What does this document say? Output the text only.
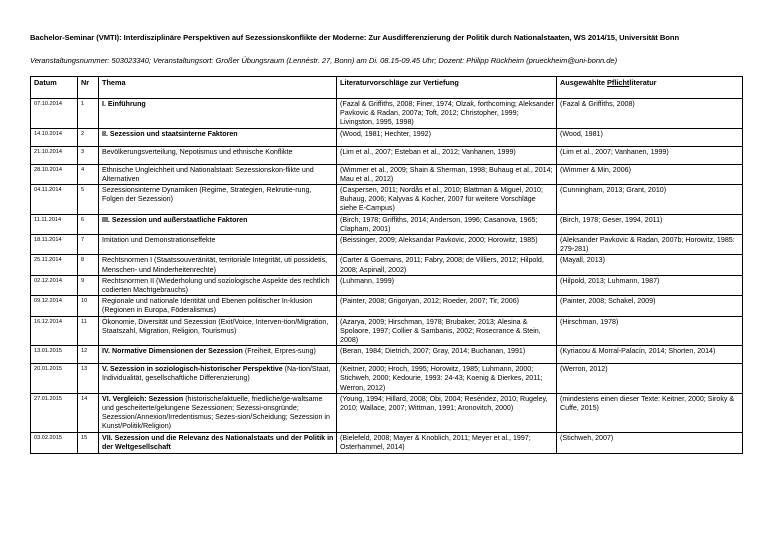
Bachelor-Seminar (VMTI): Interdisziplinäre Perspektiven auf Sezessionskonflikte der Moderne: Zur Ausdifferenzierung der Politik durch Nationalstaaten, WS 2014/15, Universität Bonn
Veranstaltungsnummer: 503023340; Veranstaltungsort: Großer Übungsraum (Lennéstr. 27, Bonn) am Di. 08.15-09.45 Uhr; Dozent: Philipp Rückheim (prueckheim@uni-bonn.de)
Datum	Nr	Thema	Literaturvorschläge zur Vertiefung	Ausgewählte Pflichtliteratur
07.10.2014	1	I. Einführung	(Fazal & Griffiths, 2008; Finer, 1974; Olzak, forthcoming; Aleksander Pavkovic & Radan, 2007a; Toft, 2012; Christopher, 1999; Livingston, 1995, 1998)	(Fazal & Griffiths, 2008)
14.10.2014	2	II. Sezession und staatsinterne Faktoren	(Wood, 1981; Hechter, 1992)	(Wood, 1981)
21.10.2014	3	Bevölkerungsverteilung, Nepotismus und ethnische Konflikte	(Lim et al., 2007; Esteban et al., 2012; Vanhanen, 1999)	(Lim et al., 2007; Vanhanen, 1999)
28.10.2014	4	Ethnische Ungleichheit und Nationalstaat: Sezessionskon-flikte und Alternativen	(Wimmer et al., 2009; Shain & Sherman, 1998; Buhaug et al., 2014; Mau et al., 2012)	(Wimmer & Min, 2006)
04.11.2014	5	Sezessionsinterne Dynamiken (Regime, Strategien, Rekrutie-rung, Folgen der Sezession)	(Caspersen, 2011; Nordås et al., 2010; Blattman & Miguel, 2010; Buhaug, 2006; Kalyvas & Kocher, 2007 für weitere Vorschläge siehe E-Campus)	(Cunningham, 2013; Grant, 2010)
11.11.2014	6	III. Sezession und außerstaatliche Faktoren	(Birch, 1978; Griffiths, 2014; Anderson, 1996; Casanova, 1965; Clapham, 2001)	(Birch, 1978; Geser, 1994, 2011)
18.11.2014	7	Imitation und Demonstrationseffekte	(Beissinger, 2009; Aleksandar Pavkovic, 2000; Horowitz, 1985)	(Aleksander Pavkovic & Radan, 2007b; Horowitz, 1985: 279-281)
25.11.2014	8	Rechtsnormen I (Staatssouveränität, territoriale Integrität, uti possidetis, Menschen- und Minderheitenrechte)	(Carter & Goemans, 2011; Fabry, 2008; de Villiers, 2012; Hilpold, 2008; Aspinall, 2002)	(Mayall, 2013)
02.12.2014	9	Rechtsnormen II (Wiederholung und soziologische Aspekte des rechtlich codierten Machtgebrauchs)	(Luhmann, 1999)	(Hilpold, 2013; Luhmann, 1987)
09.12.2014	10	Regionale und nationale Identität und Ebenen politischer In-klusion (Regionen in Europa, Föderalismus)	(Painter, 2008; Grigoryan, 2012; Roeder, 2007; Tir, 2006)	(Painter, 2008; Schakel, 2009)
16.12.2014	11	Ökonomie, Diversität und Sezession (Exit/Voice, Interven-tion/Migration, Staatszahl, Migration, Religion, Tourismus)	(Azarya, 2009; Hirschman, 1978; Brubaker, 2013; Alesina & Spolaore, 1997; Collier & Sambanis, 2002; Rosecrance & Stein, 2008)	(Hirschman, 1978)
13.01.2015	12	IV. Normative Dimensionen der Sezession (Freiheit, Erpres-sung)	(Beran, 1984; Dietrich, 2007; Gray, 2014; Buchanan, 1991)	(Kyriacou & Morral-Palacín, 2014; Shorten, 2014)
20.01.2015	13	V. Sezession in soziologisch-historischer Perspektive (Na-tion/Staat, Individualität, gesellschaftliche Differenzierung)	(Keitner, 2000; Hroch, 1995; Horowitz, 1985; Luhmann, 2000; Stichweh, 2000; Kedourie, 1993: 24-43; Koenig & Dierkes, 2011; Werron, 2012)	(Werron, 2012)
27.01.2015	14	VI. Vergleich: Sezession (historische/aktuelle, friedliche/ge-waltsame und gescheiterte/gelungene Sezessionen; Sezessi-onsgründe; Sezession/Annexion/Irredentismus; Sezes-sion/Scheidung; Sezession in Kunst/Politik/Religion)	(Young, 1994; Hillard, 2008; Obi, 2004; Reséndez, 2010; Rugeley, 2010; Wallace, 2007; Wittman, 1991; Aronovitch, 2000)	(mindestens einen dieser Texte: Keitner, 2000; Siroky & Cuffe, 2015)
03.02.2015	15	VII. Sezession und die Relevanz des Nationalstaats und der Politik in der Weltgesellschaft	(Bielefeld, 2008; Mayer & Knoblich, 2011; Meyer et al., 1997; Osterhammel, 2014)	(Stichweh, 2007)
